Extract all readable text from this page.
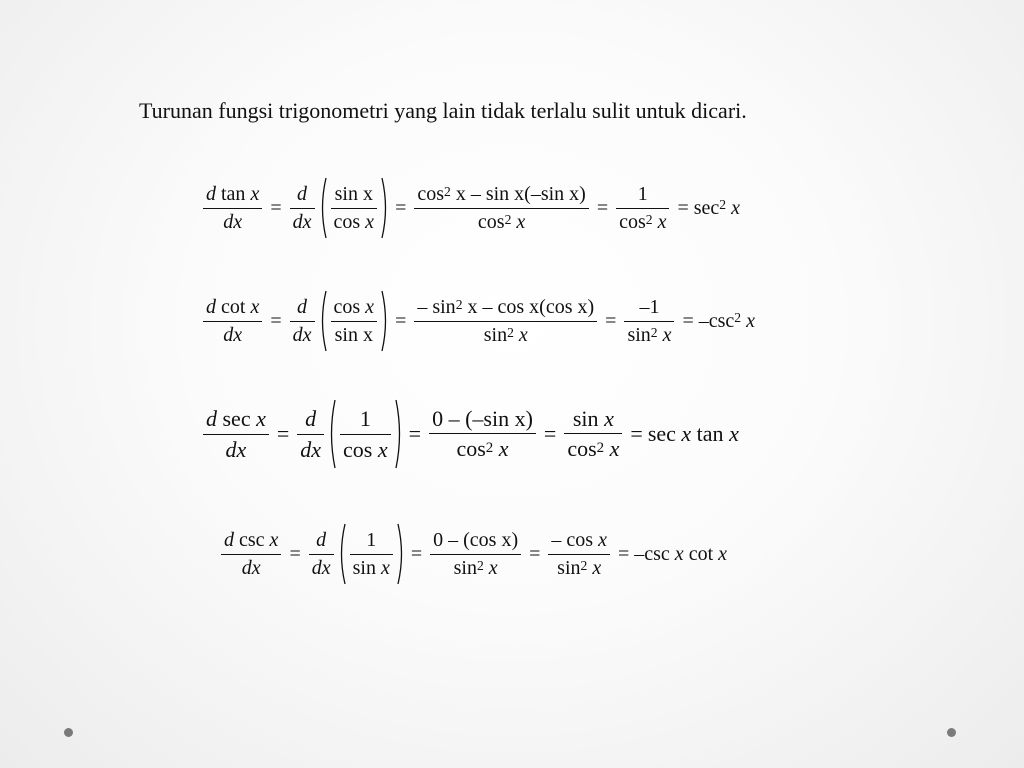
Turunan fungsi trigonometri yang lain tidak terlalu sulit untuk dicari.
$\frac{\text{d tan x}}{dx} = \frac{d}{dx} \frac{\text{sin x}}{\text{cos x}} = \frac{\cos^2 x - \sin x(-\sin x)}{\cos^2 x} = \frac{1}{\cos^2 x} = \sec^2$
x
$\frac{\text{d cot x}}{dx} = \frac{d}{dx} \frac{\text{cos x}}{\text{sin x}} = \frac{- \sin^2 x - \cos x(\cos x)}{\sin^2 x} = \frac{-1}{\sin^2 x} = -\csc^2$
x
$\frac{\text{d sec x}}{dx} = \frac{d}{dx} \frac{1}{\text{cos x}} = \frac{\text{0 – (–sin x)}}{\cos^2 x} = \frac{\text{sin x}}{\cos^2 x} = \sec$
x
tan
x
$\frac{\text{d csc x}}{dx} = \frac{d}{dx} \frac{1}{\text{sin x}} = \frac{\text{0 – (cos x)}}{\sin^2 x} = \frac{\text{– cos x}}{\sin^2 x} = -\csc$
x
cot
x
